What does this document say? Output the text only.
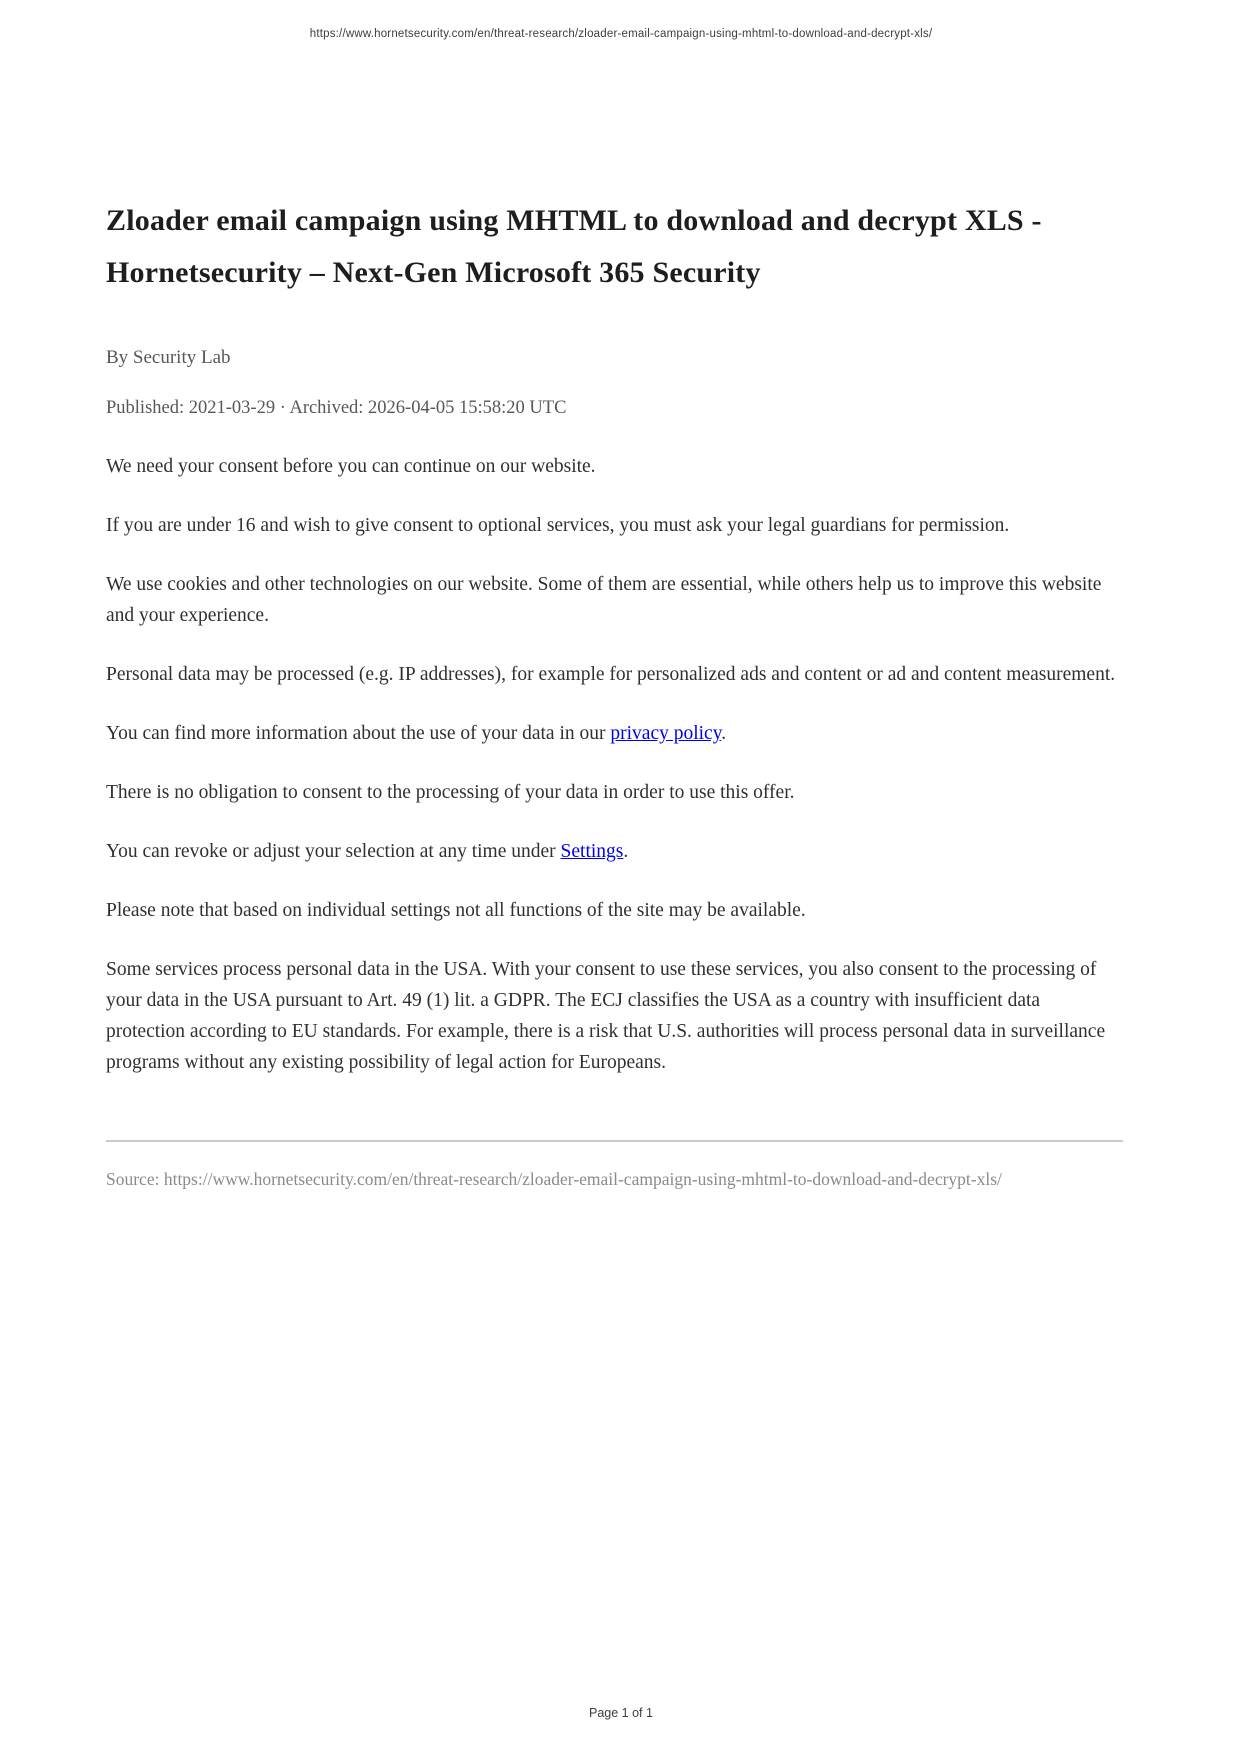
https://www.hornetsecurity.com/en/threat-research/zloader-email-campaign-using-mhtml-to-download-and-decrypt-xls/
Zloader email campaign using MHTML to download and decrypt XLS - Hornetsecurity – Next-Gen Microsoft 365 Security
By Security Lab
Published: 2021-03-29 · Archived: 2026-04-05 15:58:20 UTC

We need your consent before you can continue on our website.

If you are under 16 and wish to give consent to optional services, you must ask your legal guardians for permission.

We use cookies and other technologies on our website. Some of them are essential, while others help us to improve this website and your experience.

Personal data may be processed (e.g. IP addresses), for example for personalized ads and content or ad and content measurement.

You can find more information about the use of your data in our privacy policy.

There is no obligation to consent to the processing of your data in order to use this offer.

You can revoke or adjust your selection at any time under Settings.

Please note that based on individual settings not all functions of the site may be available.

Some services process personal data in the USA. With your consent to use these services, you also consent to the processing of your data in the USA pursuant to Art. 49 (1) lit. a GDPR. The ECJ classifies the USA as a country with insufficient data protection according to EU standards. For example, there is a risk that U.S. authorities will process personal data in surveillance programs without any existing possibility of legal action for Europeans.

Source: https://www.hornetsecurity.com/en/threat-research/zloader-email-campaign-using-mhtml-to-download-and-decrypt-xls/
Page 1 of 1
